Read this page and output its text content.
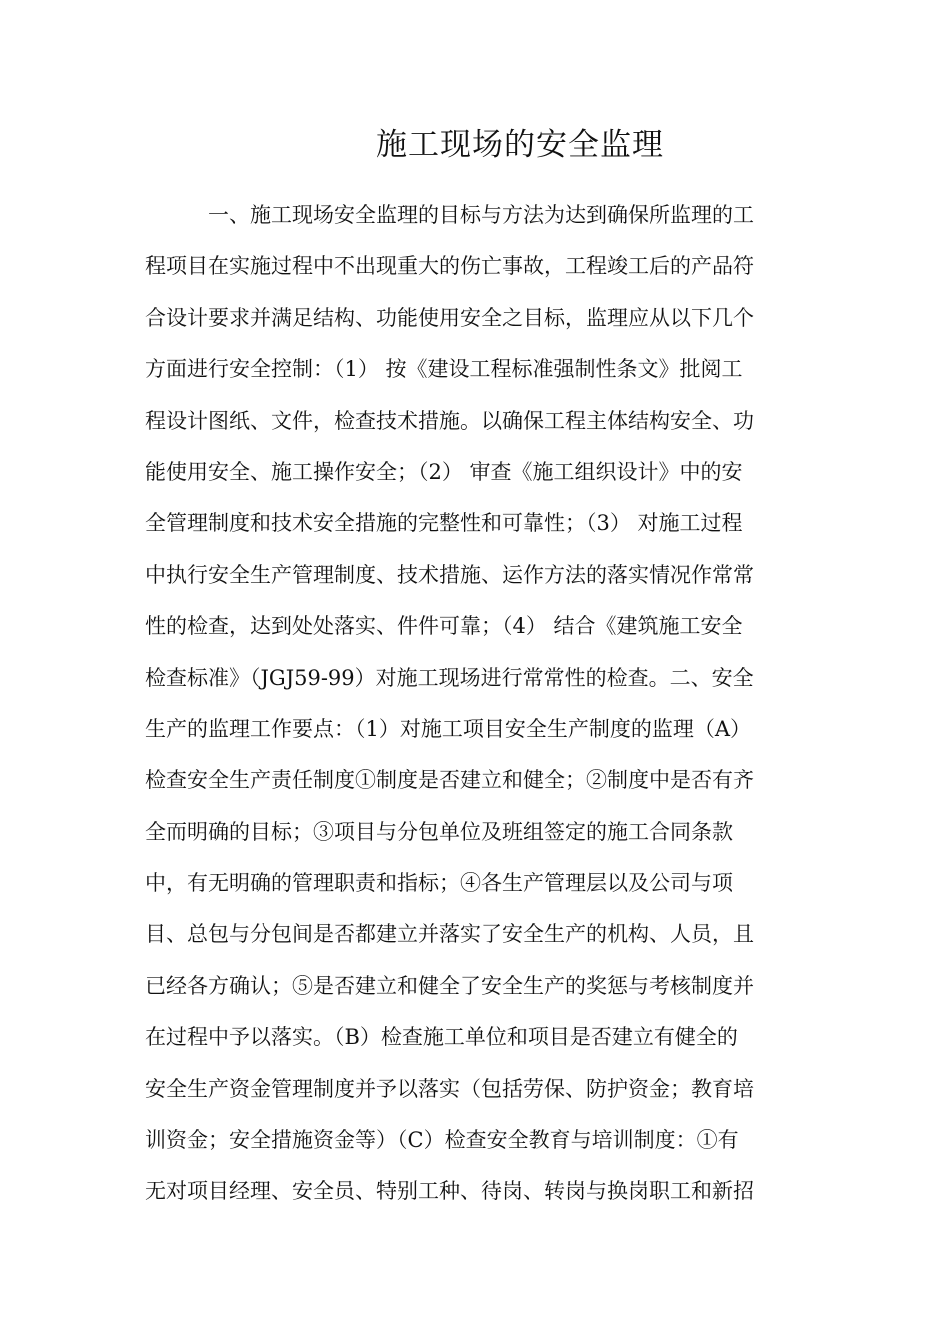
施工现场的安全监理
　　　一、施工现场安全监理的目标与方法为达到确保所监理的工
程项目在实施过程中不出现重大的伤亡事故，工程竣工后的产品符
合设计要求并满足结构、功能使用安全之目标，监理应从以下几个
方面进行安全控制：（1） 按《建设工程标准强制性条文》批阅工
程设计图纸、文件，检查技术措施。以确保工程主体结构安全、功
能使用安全、施工操作安全；（2） 审查《施工组织设计》中的安
全管理制度和技术安全措施的完整性和可靠性；（3） 对施工过程
中执行安全生产管理制度、技术措施、运作方法的落实情况作常常
性的检查，达到处处落实、件件可靠；（4） 结合《建筑施工安全
检查标准》（JGJ59-99）对施工现场进行常常性的检查。二、安全
生产的监理工作要点：（1）对施工项目安全生产制度的监理（A）
检查安全生产责任制度①制度是否建立和健全；②制度中是否有齐
全而明确的目标；③项目与分包单位及班组签定的施工合同条款
中，有无明确的管理职责和指标；④各生产管理层以及公司与项
目、总包与分包间是否都建立并落实了安全生产的机构、人员，且
已经各方确认；⑤是否建立和健全了安全生产的奖惩与考核制度并
在过程中予以落实。（B）检查施工单位和项目是否建立有健全的
安全生产资金管理制度并予以落实（包括劳保、防护资金；教育培
训资金；安全措施资金等）（C）检查安全教育与培训制度：①有
无对项目经理、安全员、特别工种、待岗、转岗与换岗职工和新招
